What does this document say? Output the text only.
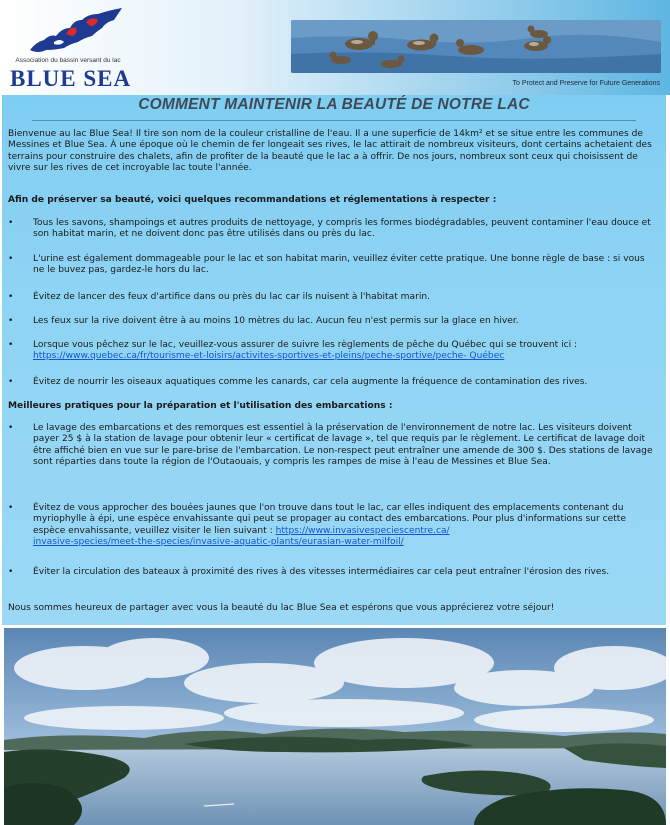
Association du bassin versant du lac
BLUE SEA	To Protect and Preserve for Future Generations
COMMENT MAINTENIR LA BEAUTÉ DE NOTRE LAC

Bienvenue au lac Blue Sea! Il tire son nom de la couleur cristalline de l'eau. Il a une superficie de 14km² et se situe entre les communes de Messines et Blue Sea. À une époque où le chemin de fer longeait ses rives, le lac attirait de nombreux visiteurs, dont certains achetaient des terrains pour construire des chalets, afin de profiter de la beauté que le lac a à offrir. De nos jours, nombreux sont ceux qui choisissent de vivre sur les rives de cet incroyable lac toute l'année.

Afin de préserver sa beauté, voici quelques recommandations et réglementations à respecter :

• Tous les savons, shampoings et autres produits de nettoyage, y compris les formes biodégradables, peuvent contaminer l'eau douce et son habitat marin, et ne doivent donc pas être utilisés dans ou près du lac.
• L'urine est également dommageable pour le lac et son habitat marin, veuillez éviter cette pratique. Une bonne règle de base : si vous ne le buvez pas, gardez-le hors du lac.
• Évitez de lancer des feux d'artifice dans ou près du lac car ils nuisent à l'habitat marin.
• Les feux sur la rive doivent être à au moins 10 mètres du lac. Aucun feu n'est permis sur la glace en hiver.
• Lorsque vous pêchez sur le lac, veuillez-vous assurer de suivre les règlements de pêche du Québec qui se trouvent ici :
https://www.quebec.ca/fr/tourisme-et-loisirs/activites-sportives-et-pleins/peche-sportive/peche- Québec
• Évitez de nourrir les oiseaux aquatiques comme les canards, car cela augmente la fréquence de contamination des rives.

Meilleures pratiques pour la préparation et l'utilisation des embarcations :

• Le lavage des embarcations et des remorques est essentiel à la préservation de l'environnement de notre lac. Les visiteurs doivent payer 25 $ à la station de lavage pour obtenir leur « certificat de lavage », tel que requis par le règlement. Le certificat de lavage doit être affiché bien en vue sur le pare-brise de l'embarcation. Le non-respect peut entraîner une amende de 300 $. Des stations de lavage sont réparties dans toute la région de l'Outaouais, y compris les rampes de mise à l'eau de Messines et Blue Sea.
• Évitez de vous approcher des bouées jaunes que l'on trouve dans tout le lac, car elles indiquent des emplacements contenant du myriophylle à épi, une espèce envahissante qui peut se propager au contact des embarcations. Pour plus d'informations sur cette espèce envahissante, veuillez visiter le lien suivant : https://www.invasivespeciescentre.ca/
invasive-species/meet-the-species/invasive-aquatic-plants/eurasian-water-milfoil/
• Éviter la circulation des bateaux à proximité des rives à des vitesses intermédiaires car cela peut entraîner l'érosion des rives.

Nous sommes heureux de partager avec vous la beauté du lac Blue Sea et espérons que vous apprécierez votre séjour!
